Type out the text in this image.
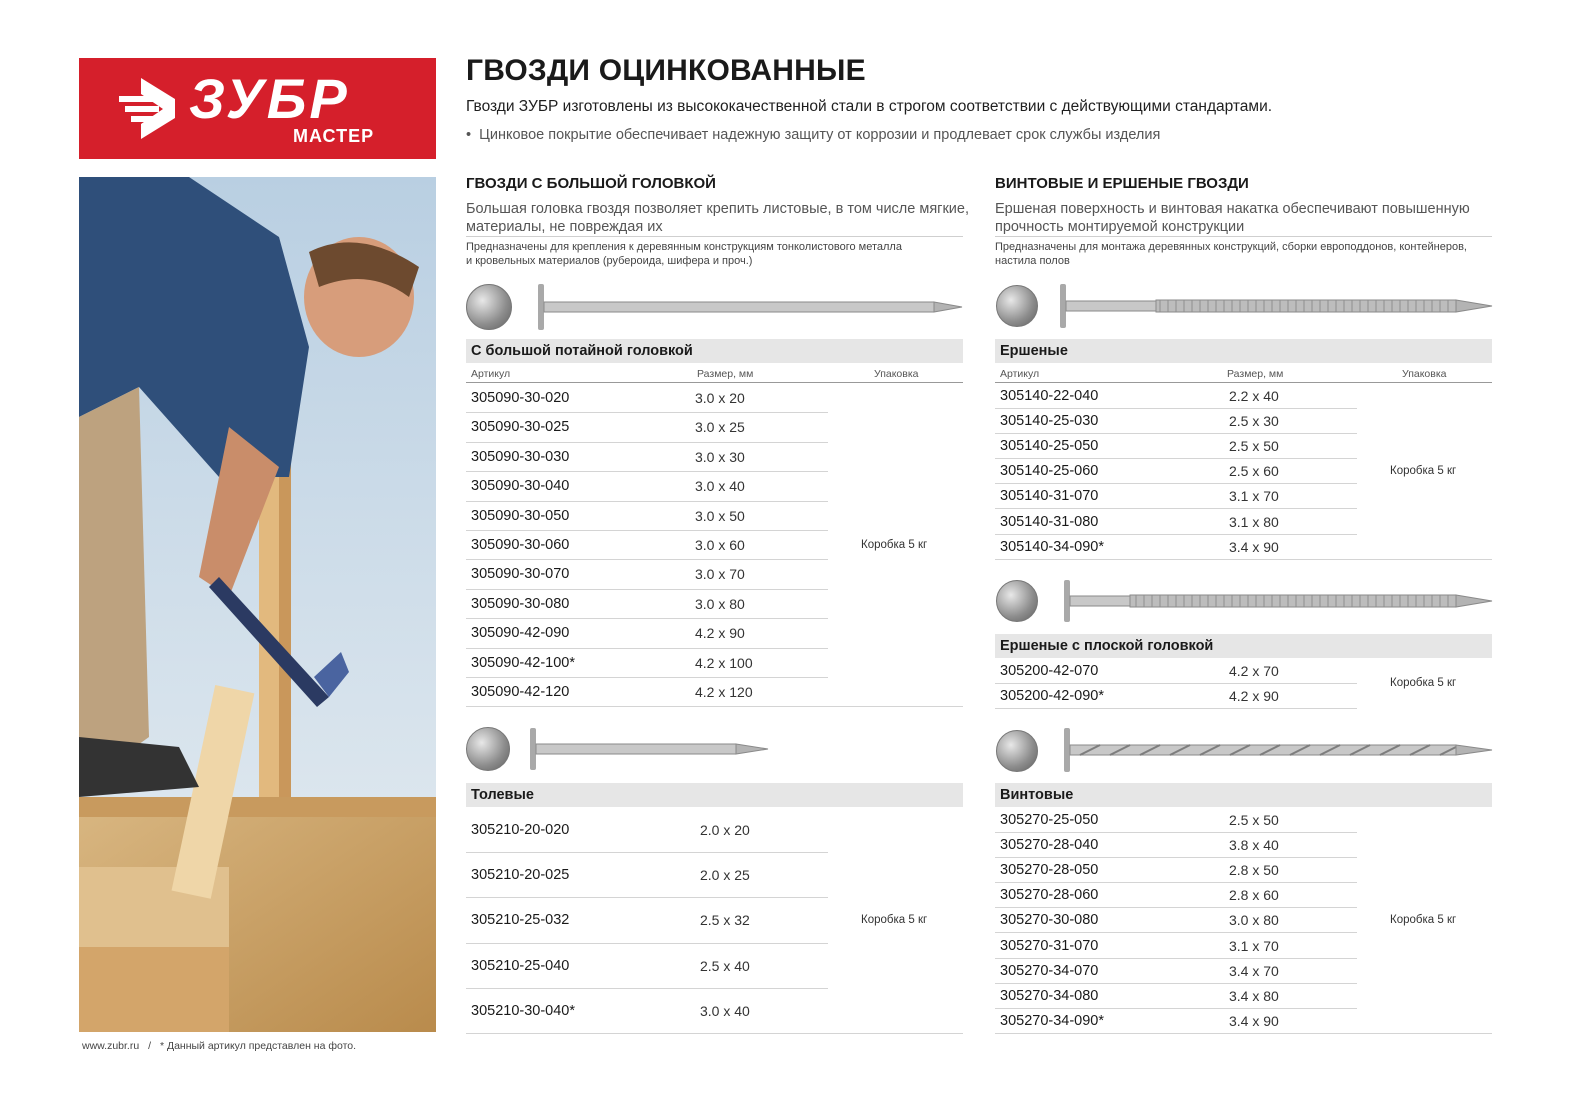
ЗУБР
МАСТЕР
www.zubr.ru / * Данный артикул представлен на фото.
ГВОЗДИ ОЦИНКОВАННЫЕ
Гвозди ЗУБР изготовлены из высококачественной стали в строгом соответствии с действующими стандартами.
•  Цинковое покрытие обеспечивает надежную защиту от коррозии и продлевает срок службы изделия
ГВОЗДИ С БОЛЬШОЙ ГОЛОВКОЙ
Большая головка гвоздя позволяет крепить листовые, в том числе мягкие,
материалы, не повреждая их
Предназначены для крепления к деревянным конструкциям тонколистового металла
и кровельных материалов (рубероида, шифера и проч.)
С большой потайной головкой
Артикул	Размер, мм	Упаковка
305090-30-020	3.0 x 20
305090-30-025	3.0 x 25
305090-30-030	3.0 x 30
305090-30-040	3.0 x 40
305090-30-050	3.0 x 50
305090-30-060	3.0 x 60
305090-30-070	3.0 x 70
305090-30-080	3.0 x 80
305090-42-090	4.2 x 90
305090-42-100*	4.2 x 100
305090-42-120	4.2 x 120
Коробка 5 кг
Толевые
305210-20-020	2.0 x 20
305210-20-025	2.0 x 25
305210-25-032	2.5 x 32
305210-25-040	2.5 x 40
305210-30-040*	3.0 x 40
Коробка 5 кг
ВИНТОВЫЕ И ЕРШЕНЫЕ ГВОЗДИ
Ершеная поверхность и винтовая накатка обеспечивают повышенную
прочность монтируемой конструкции
Предназначены для монтажа деревянных конструкций, сборки европоддонов, контейнеров,
настила полов
Ершеные
Артикул	Размер, мм	Упаковка
305140-22-040	2.2 x 40
305140-25-030	2.5 x 30
305140-25-050	2.5 x 50
305140-25-060	2.5 x 60
305140-31-070	3.1 x 70
305140-31-080	3.1 x 80
305140-34-090*	3.4 x 90
Коробка 5 кг
Ершеные с плоской головкой
305200-42-070	4.2 x 70
305200-42-090*	4.2 x 90
Коробка 5 кг
Винтовые
305270-25-050	2.5 x 50
305270-28-040	3.8 x 40
305270-28-050	2.8 x 50
305270-28-060	2.8 x 60
305270-30-080	3.0 x 80
305270-31-070	3.1 x 70
305270-34-070	3.4 x 70
305270-34-080	3.4 x 80
305270-34-090*	3.4 x 90
Коробка 5 кг
